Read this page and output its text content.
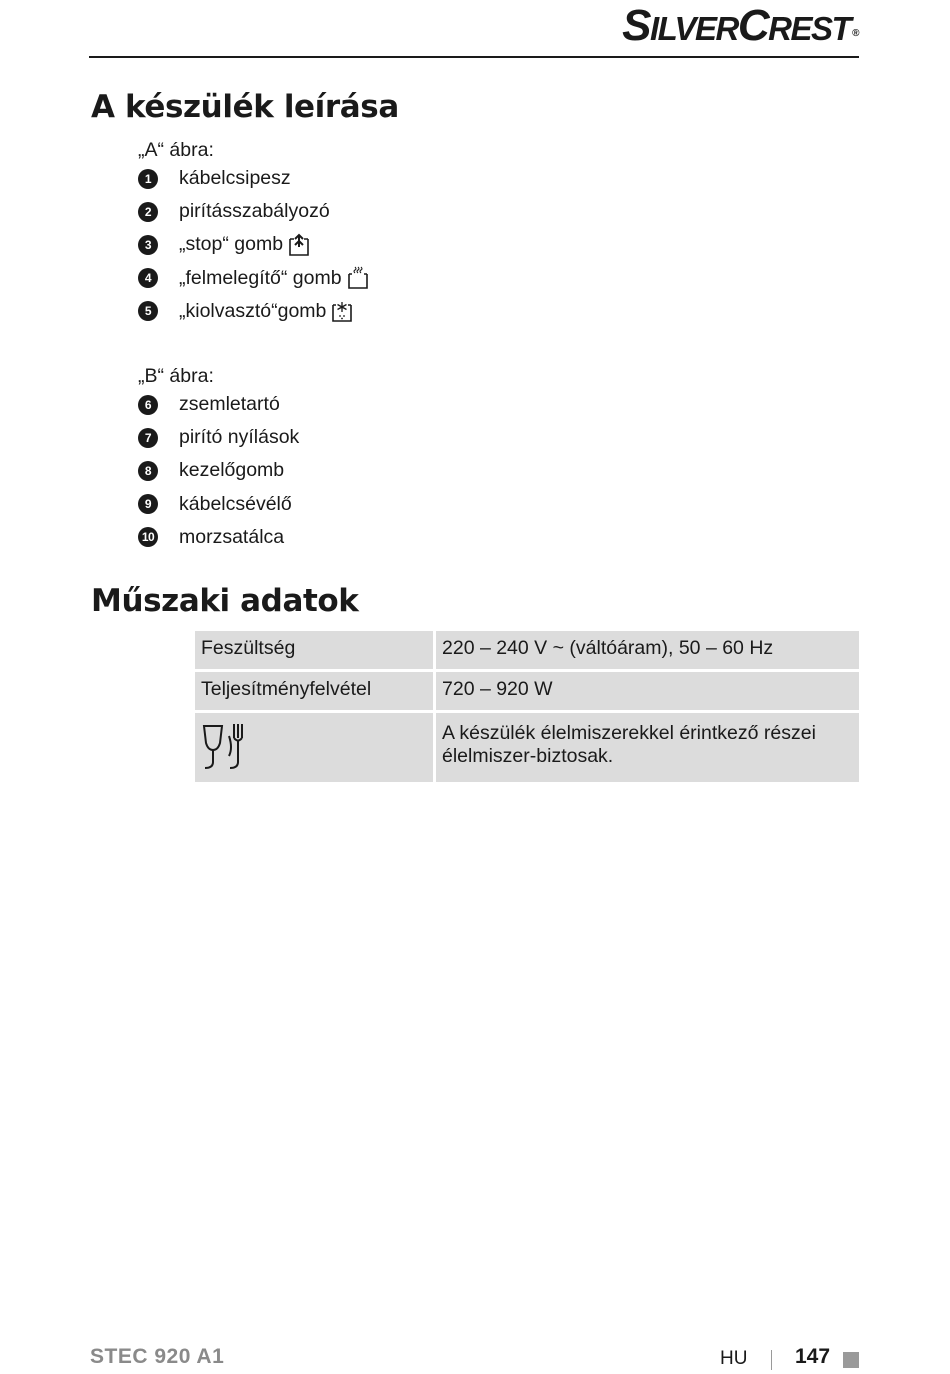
SILVERCREST ®
A készülék leírása
„A“ ábra:
1	kábelcsipesz
2	pirításszabályozó
3	„stop“ gomb
4	„felmelegítő“ gomb
5	„kiolvasztó“gomb
„B“ ábra:
6	zsemletartó
7	pirító nyílások
8	kezelőgomb
9	kábelcsévélő
10 morzsatálca
Műszaki adatok
Feszültség	220 – 240 V ~ (váltóáram), 50 – 60 Hz
Teljesítményfelvétel	720 – 920 W

A készülék élelmiszerekkel érintkező részei
élelmiszer-biztosak.
STEC 920 A1	HU 147
